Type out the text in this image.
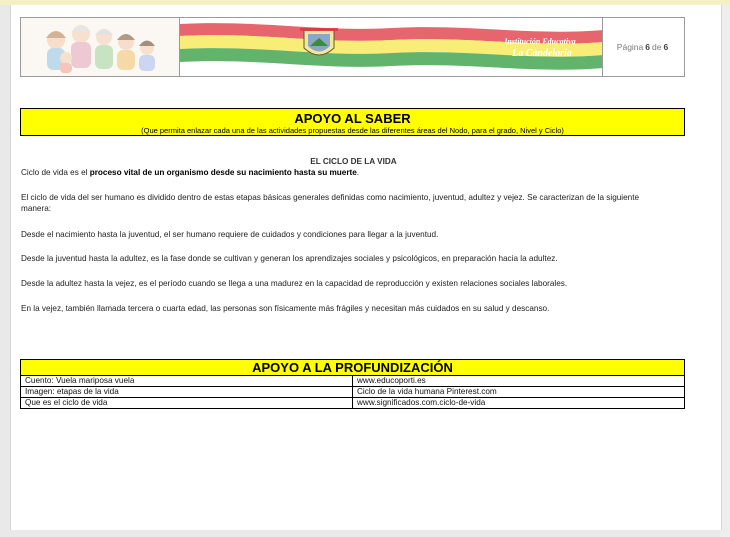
Institución Educativa
La Candelaria
Página 6 de 6
APOYO AL SABER
(Que permita enlazar cada una de las actividades propuestas desde las diferentes áreas del Nodo, para el grado, Nivel y Ciclo)
EL CICLO DE LA VIDA
Ciclo de vida es el proceso vital de un organismo desde su nacimiento hasta su muerte.
El ciclo de vida del ser humano es dividido dentro de estas etapas básicas generales definidas como nacimiento, juventud, adultez y vejez. Se caracterizan de la siguiente manera:
Desde el nacimiento hasta la juventud, el ser humano requiere de cuidados y condiciones para llegar a la juventud.
Desde la juventud hasta la adultez, es la fase donde se cultivan y generan los aprendizajes sociales y psicológicos, en preparación hacia la adultez.
Desde la adultez hasta la vejez, es el período cuando se llega a una madurez en la capacidad de reproducción y existen relaciones sociales laborales.
En la vejez, también llamada tercera o cuarta edad, las personas son físicamente más frágiles y necesitan más cuidados en su salud y descanso.
APOYO A LA PROFUNDIZACIÓN
Cuento: Vuela mariposa vuela	www.educoporti.es
Imagen: etapas de la vida	Ciclo de la vida humana Pinterest.com
Que es el ciclo de vida	www.significados.com.ciclo-de-vida
